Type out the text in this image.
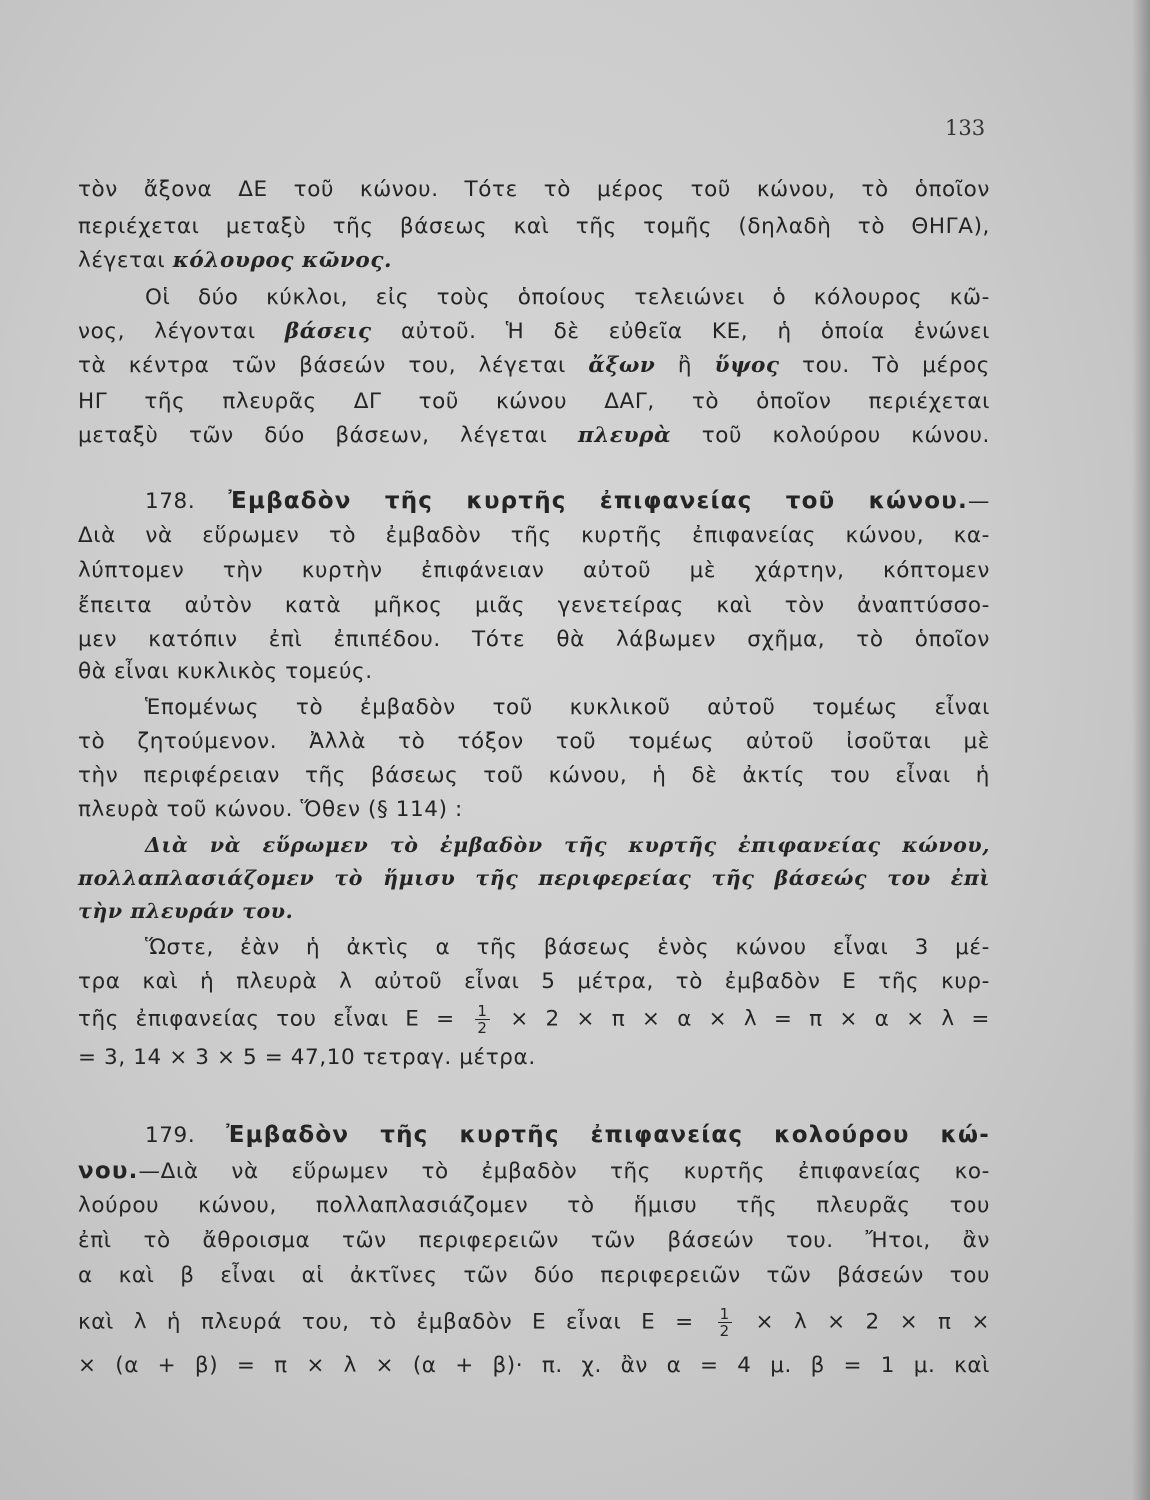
133

τὸν ἄξονα ΔΕ τοῦ κώνου. Τότε τὸ μέρος τοῦ κώνου, τὸ ὁποῖον

περιέχεται μεταξὺ τῆς βάσεως καὶ τῆς τομῆς (δηλαδὴ τὸ ΘΗΓΑ),

λέγεται κόλουρος κῶνος.

Οἱ δύο κύκλοι, εἰς τοὺς ὁποίους τελειώνει ὁ κόλουρος κῶ-

νος, λέγονται βάσεις αὐτοῦ. Ἡ δὲ εὐθεῖα ΚΕ, ἡ ὁποία ἑνώνει

τὰ κέντρα τῶν βάσεών του, λέγεται ἄξων ἢ ὕψος του. Τὸ μέρος

ΗΓ τῆς πλευρᾶς ΔΓ τοῦ κώνου ΔΑΓ, τὸ ὁποῖον περιέχεται

μεταξὺ τῶν δύο βάσεων, λέγεται πλευρὰ τοῦ κολούρου κώνου.

178. Ἐμβαδὸν τῆς κυρτῆς ἐπιφανείας τοῦ κώνου.—

Διὰ νὰ εὕρωμεν τὸ ἐμβαδὸν τῆς κυρτῆς ἐπιφανείας κώνου, κα-

λύπτομεν τὴν κυρτὴν ἐπιφάνειαν αὐτοῦ μὲ χάρτην, κόπτομεν

ἔπειτα αὐτὸν κατὰ μῆκος μιᾶς γενετείρας καὶ τὸν ἀναπτύσσο-

μεν κατόπιν ἐπὶ ἐπιπέδου. Τότε θὰ λάβωμεν σχῆμα, τὸ ὁποῖον

θὰ εἶναι κυκλικὸς τομεύς.

Ἑπομένως τὸ ἐμβαδὸν τοῦ κυκλικοῦ αὐτοῦ τομέως εἶναι

τὸ ζητούμενον. Ἀλλὰ τὸ τόξον τοῦ τομέως αὐτοῦ ἰσοῦται μὲ

τὴν περιφέρειαν τῆς βάσεως τοῦ κώνου, ἡ δὲ ἀκτίς του εἶναι ἡ

πλευρὰ τοῦ κώνου. Ὅθεν (§ 114) :

Διὰ νὰ εὕρωμεν τὸ ἐμβαδὸν τῆς κυρτῆς ἐπιφανείας κώνου,

πολλαπλασιάζομεν τὸ ἥμισυ τῆς περιφερείας τῆς βάσεώς του ἐπὶ

τὴν πλευράν του.

Ὥστε, ἐὰν ἡ ἀκτὶς α τῆς βάσεως ἑνὸς κώνου εἶναι 3 μέ-

τρα καὶ ἡ πλευρὰ λ αὐτοῦ εἶναι 5 μέτρα, τὸ ἐμβαδὸν Ε τῆς κυρ-

τῆς ἐπιφανείας του εἶναι $E = \frac{1}{2} \times 2 \times \pi \times \alpha \times \lambda = \pi \times \alpha \times \lambda$ =

= 3, 14 × 3 × 5 = 47,10 τετραγ. μέτρα.

179. Ἐμβαδὸν τῆς κυρτῆς ἐπιφανείας κολούρου κώ-

νου.—Διὰ νὰ εὕρωμεν τὸ ἐμβαδὸν τῆς κυρτῆς ἐπιφανείας κο-

λούρου κώνου, πολλαπλασιάζομεν τὸ ἥμισυ τῆς πλευρᾶς του

ἐπὶ τὸ ἄθροισμα τῶν περιφερειῶν τῶν βάσεών του. Ἤτοι, ἂν

α καὶ β εἶναι αἱ ἀκτῖνες τῶν δύο περιφερειῶν τῶν βάσεών του

καὶ λ ἡ πλευρά του, τὸ ἐμβαδὸν Ε εἶναι $E = \frac{1}{2} \times \lambda \times 2 \times \pi$ ×

× (α + β) = π × λ × (α + β)· π. χ. ἂν α = 4 μ. β = 1 μ. καὶ
